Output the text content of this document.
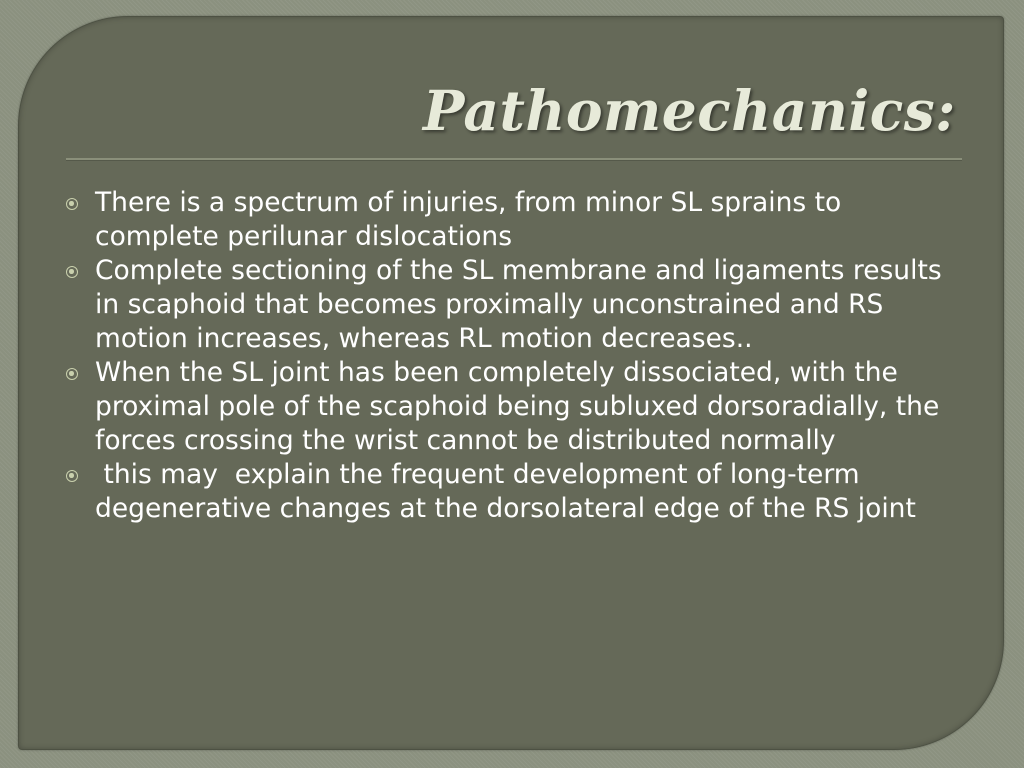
Pathomechanics:
There is a spectrum of injuries, from minor SL sprains to complete perilunar dislocations
Complete sectioning of the SL membrane and ligaments results in scaphoid that becomes proximally unconstrained and RS motion increases, whereas RL motion decreases..
When the SL joint has been completely dissociated, with the proximal pole of the scaphoid being subluxed dorsoradially, the forces crossing the wrist cannot be distributed normally
this may  explain the frequent development of long-term degenerative changes at the dorsolateral edge of the RS joint
